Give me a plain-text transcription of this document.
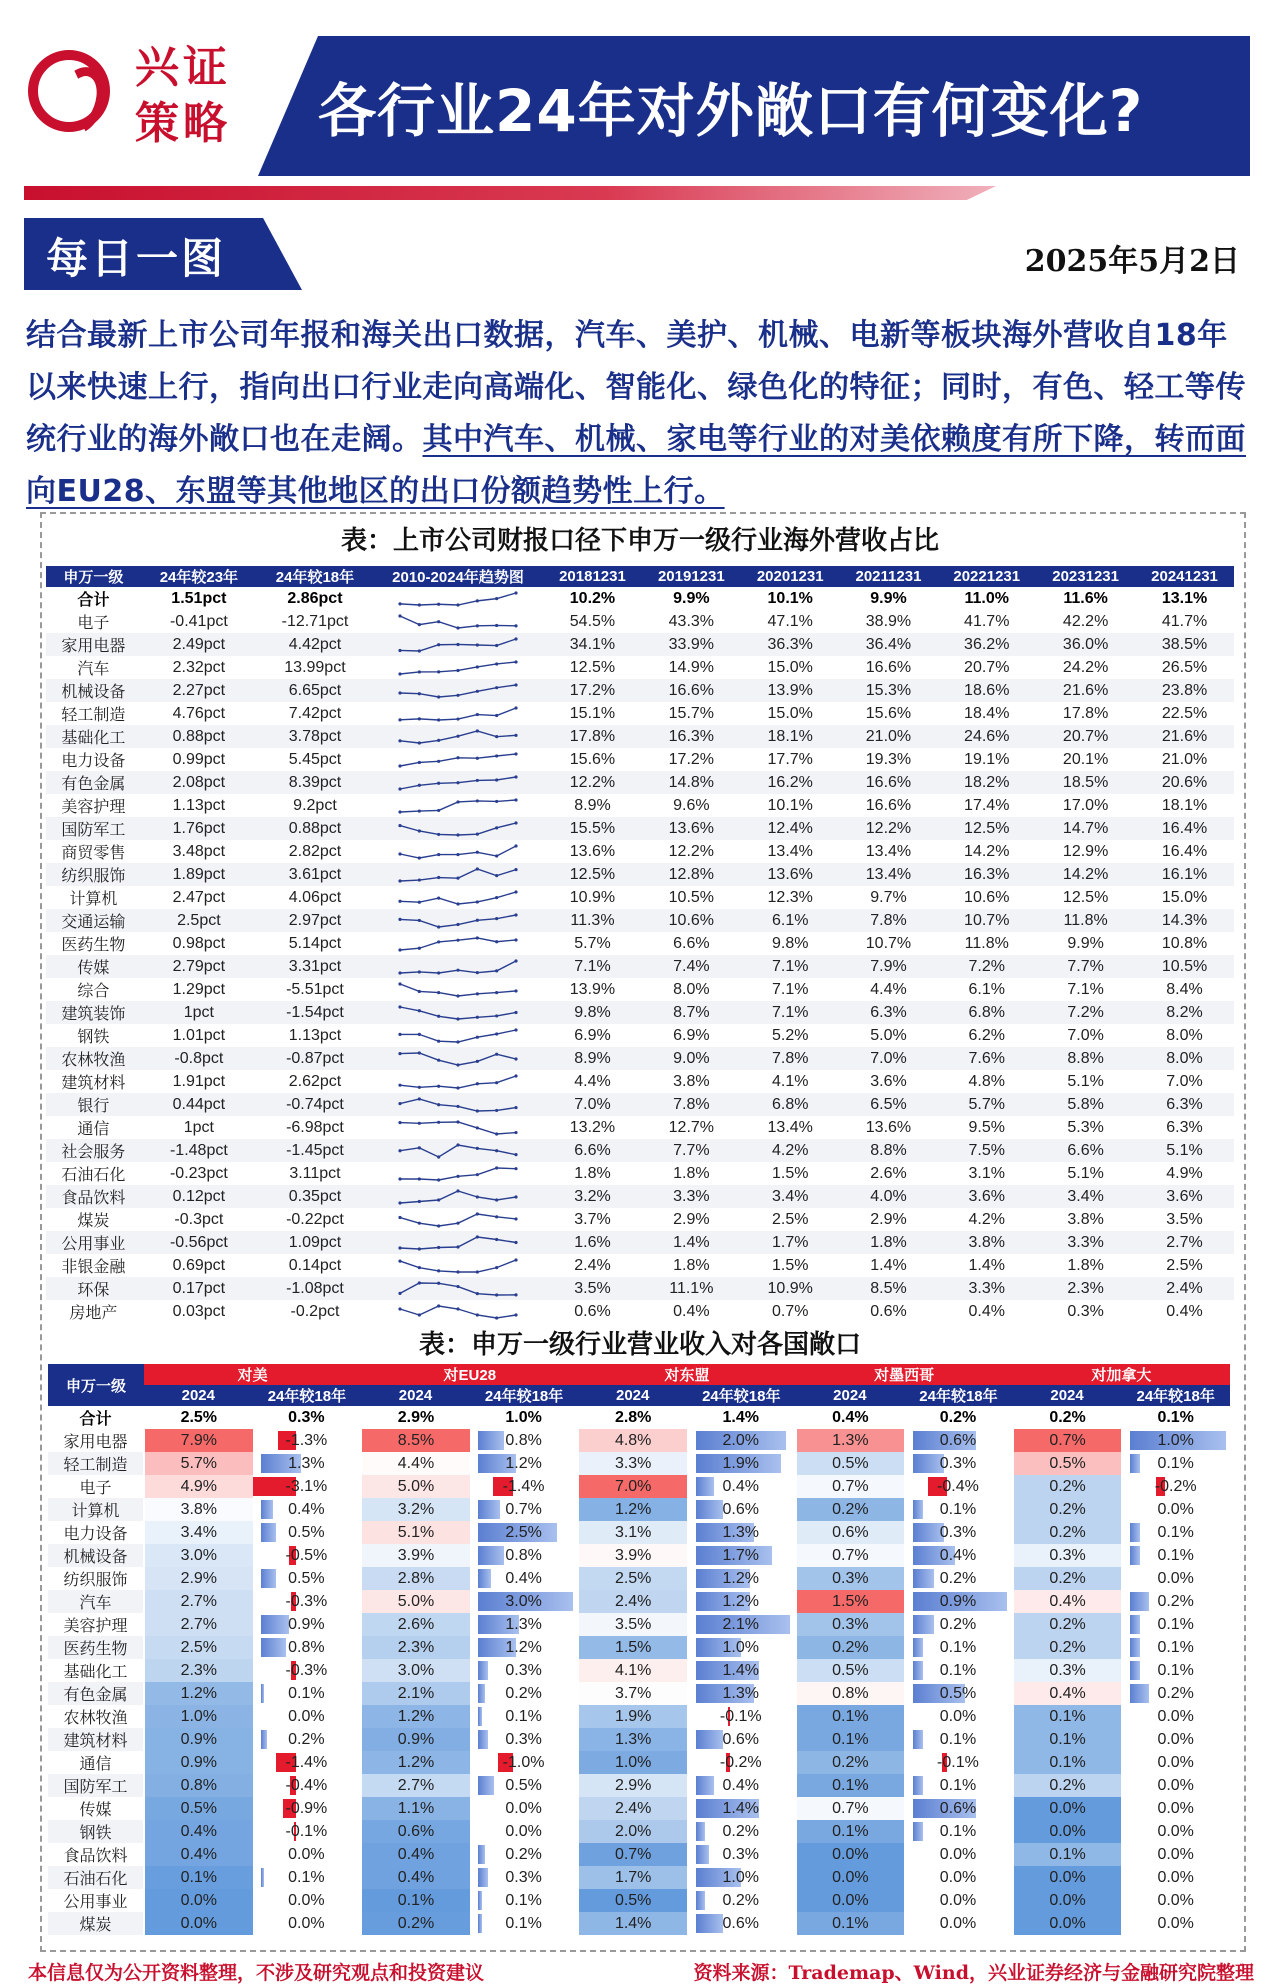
兴证
策略 各行业24年对外敞口有何变化?
每日一图	2025年5月2日
结合最新上市公司年报和海关出口数据，汽车、美护、机械、电新等板块海外营收自18年以来快速上行，指向出口行业走向高端化、智能化、绿色化的特征；同时，有色、轻工等传统行业的海外敞口也在走阔。其中汽车、机械、家电等行业的对美依赖度有所下降，转而面向EU28、东盟等其他地区的出口份额趋势性上行。
表：上市公司财报口径下申万一级行业海外营收占比
申万一级	24年较23年	24年较18年	2010-2024年趋势图	20181231	20191231	20201231	20211231	20221231	20231231	20241231
合计	1.51pct	2.86pct		10.2%	9.9%	10.1%	9.9%	11.0%	11.6%	13.1%
电子	-0.41pct	-12.71pct		54.5%	43.3%	47.1%	38.9%	41.7%	42.2%	41.7%
家用电器	2.49pct	4.42pct		34.1%	33.9%	36.3%	36.4%	36.2%	36.0%	38.5%
汽车	2.32pct	13.99pct		12.5%	14.9%	15.0%	16.6%	20.7%	24.2%	26.5%
机械设备	2.27pct	6.65pct		17.2%	16.6%	13.9%	15.3%	18.6%	21.6%	23.8%
轻工制造	4.76pct	7.42pct		15.1%	15.7%	15.0%	15.6%	18.4%	17.8%	22.5%
基础化工	0.88pct	3.78pct		17.8%	16.3%	18.1%	21.0%	24.6%	20.7%	21.6%
电力设备	0.99pct	5.45pct		15.6%	17.2%	17.7%	19.3%	19.1%	20.1%	21.0%
有色金属	2.08pct	8.39pct		12.2%	14.8%	16.2%	16.6%	18.2%	18.5%	20.6%
美容护理	1.13pct	9.2pct		8.9%	9.6%	10.1%	16.6%	17.4%	17.0%	18.1%
国防军工	1.76pct	0.88pct		15.5%	13.6%	12.4%	12.2%	12.5%	14.7%	16.4%
商贸零售	3.48pct	2.82pct		13.6%	12.2%	13.4%	13.4%	14.2%	12.9%	16.4%
纺织服饰	1.89pct	3.61pct		12.5%	12.8%	13.6%	13.4%	16.3%	14.2%	16.1%
计算机	2.47pct	4.06pct		10.9%	10.5%	12.3%	9.7%	10.6%	12.5%	15.0%
交通运输	2.5pct	2.97pct		11.3%	10.6%	6.1%	7.8%	10.7%	11.8%	14.3%
医药生物	0.98pct	5.14pct		5.7%	6.6%	9.8%	10.7%	11.8%	9.9%	10.8%
传媒	2.79pct	3.31pct		7.1%	7.4%	7.1%	7.9%	7.2%	7.7%	10.5%
综合	1.29pct	-5.51pct		13.9%	8.0%	7.1%	4.4%	6.1%	7.1%	8.4%
建筑装饰	1pct	-1.54pct		9.8%	8.7%	7.1%	6.3%	6.8%	7.2%	8.2%
钢铁	1.01pct	1.13pct		6.9%	6.9%	5.2%	5.0%	6.2%	7.0%	8.0%
农林牧渔	-0.8pct	-0.87pct		8.9%	9.0%	7.8%	7.0%	7.6%	8.8%	8.0%
建筑材料	1.91pct	2.62pct		4.4%	3.8%	4.1%	3.6%	4.8%	5.1%	7.0%
银行	0.44pct	-0.74pct		7.0%	7.8%	6.8%	6.5%	5.7%	5.8%	6.3%
通信	1pct	-6.98pct		13.2%	12.7%	13.4%	13.6%	9.5%	5.3%	6.3%
社会服务	-1.48pct	-1.45pct		6.6%	7.7%	4.2%	8.8%	7.5%	6.6%	5.1%
石油石化	-0.23pct	3.11pct		1.8%	1.8%	1.5%	2.6%	3.1%	5.1%	4.9%
食品饮料	0.12pct	0.35pct		3.2%	3.3%	3.4%	4.0%	3.6%	3.4%	3.6%
煤炭	-0.3pct	-0.22pct		3.7%	2.9%	2.5%	2.9%	4.2%	3.8%	3.5%
公用事业	-0.56pct	1.09pct		1.6%	1.4%	1.7%	1.8%	3.8%	3.3%	2.7%
非银金融	0.69pct	0.14pct		2.4%	1.8%	1.5%	1.4%	1.4%	1.8%	2.5%
环保	0.17pct	-1.08pct		3.5%	11.1%	10.9%	8.5%	3.3%	2.3%	2.4%
房地产	0.03pct	-0.2pct		0.6%	0.4%	0.7%	0.6%	0.4%	0.3%	0.4%
表：申万一级行业营业收入对各国敞口
申万一级	对美		对EU28		对东盟		对墨西哥		对加拿大	
	2024	24年较18年	2024	24年较18年	2024	24年较18年	2024	24年较18年	2024	24年较18年
合计	2.5%	0.3%	2.9%	1.0%	2.8%	1.4%	0.4%	0.2%	0.2%	0.1%
家用电器	7.9%	-1.3%	8.5%	0.8%	4.8%	2.0%	1.3%	0.6%	0.7%	1.0%
轻工制造	5.7%	1.3%	4.4%	1.2%	3.3%	1.9%	0.5%	0.3%	0.5%	0.1%
电子	4.9%	-3.1%	5.0%	-1.4%	7.0%	0.4%	0.7%	-0.4%	0.2%	-0.2%
计算机	3.8%	0.4%	3.2%	0.7%	1.2%	0.6%	0.2%	0.1%	0.2%	0.0%
电力设备	3.4%	0.5%	5.1%	2.5%	3.1%	1.3%	0.6%	0.3%	0.2%	0.1%
机械设备	3.0%	-0.5%	3.9%	0.8%	3.9%	1.7%	0.7%	0.4%	0.3%	0.1%
纺织服饰	2.9%	0.5%	2.8%	0.4%	2.5%	1.2%	0.3%	0.2%	0.2%	0.0%
汽车	2.7%	-0.3%	5.0%	3.0%	2.4%	1.2%	1.5%	0.9%	0.4%	0.2%
美容护理	2.7%	0.9%	2.6%	1.3%	3.5%	2.1%	0.3%	0.2%	0.2%	0.1%
医药生物	2.5%	0.8%	2.3%	1.2%	1.5%	1.0%	0.2%	0.1%	0.2%	0.1%
基础化工	2.3%	-0.3%	3.0%	0.3%	4.1%	1.4%	0.5%	0.1%	0.3%	0.1%
有色金属	1.2%	0.1%	2.1%	0.2%	3.7%	1.3%	0.8%	0.5%	0.4%	0.2%
农林牧渔	1.0%	0.0%	1.2%	0.1%	1.9%	-0.1%	0.1%	0.0%	0.1%	0.0%
建筑材料	0.9%	0.2%	0.9%	0.3%	1.3%	0.6%	0.1%	0.1%	0.1%	0.0%
通信	0.9%	-1.4%	1.2%	-1.0%	1.0%	-0.2%	0.2%	-0.1%	0.1%	0.0%
国防军工	0.8%	-0.4%	2.7%	0.5%	2.9%	0.4%	0.1%	0.1%	0.2%	0.0%
传媒	0.5%	-0.9%	1.1%	0.0%	2.4%	1.4%	0.7%	0.6%	0.0%	0.0%
钢铁	0.4%	-0.1%	0.6%	0.0%	2.0%	0.2%	0.1%	0.1%	0.0%	0.0%
食品饮料	0.4%	0.0%	0.4%	0.2%	0.7%	0.3%	0.0%	0.0%	0.1%	0.0%
石油石化	0.1%	0.1%	0.4%	0.3%	1.7%	1.0%	0.0%	0.0%	0.0%	0.0%
公用事业	0.0%	0.0%	0.1%	0.1%	0.5%	0.2%	0.0%	0.0%	0.0%	0.0%
煤炭	0.0%	0.0%	0.2%	0.1%	1.4%	0.6%	0.1%	0.0%	0.0%	0.0%
本信息仅为公开资料整理，不涉及研究观点和投资建议	资料来源：Trademap、Wind，兴业证券经济与金融研究院整理
